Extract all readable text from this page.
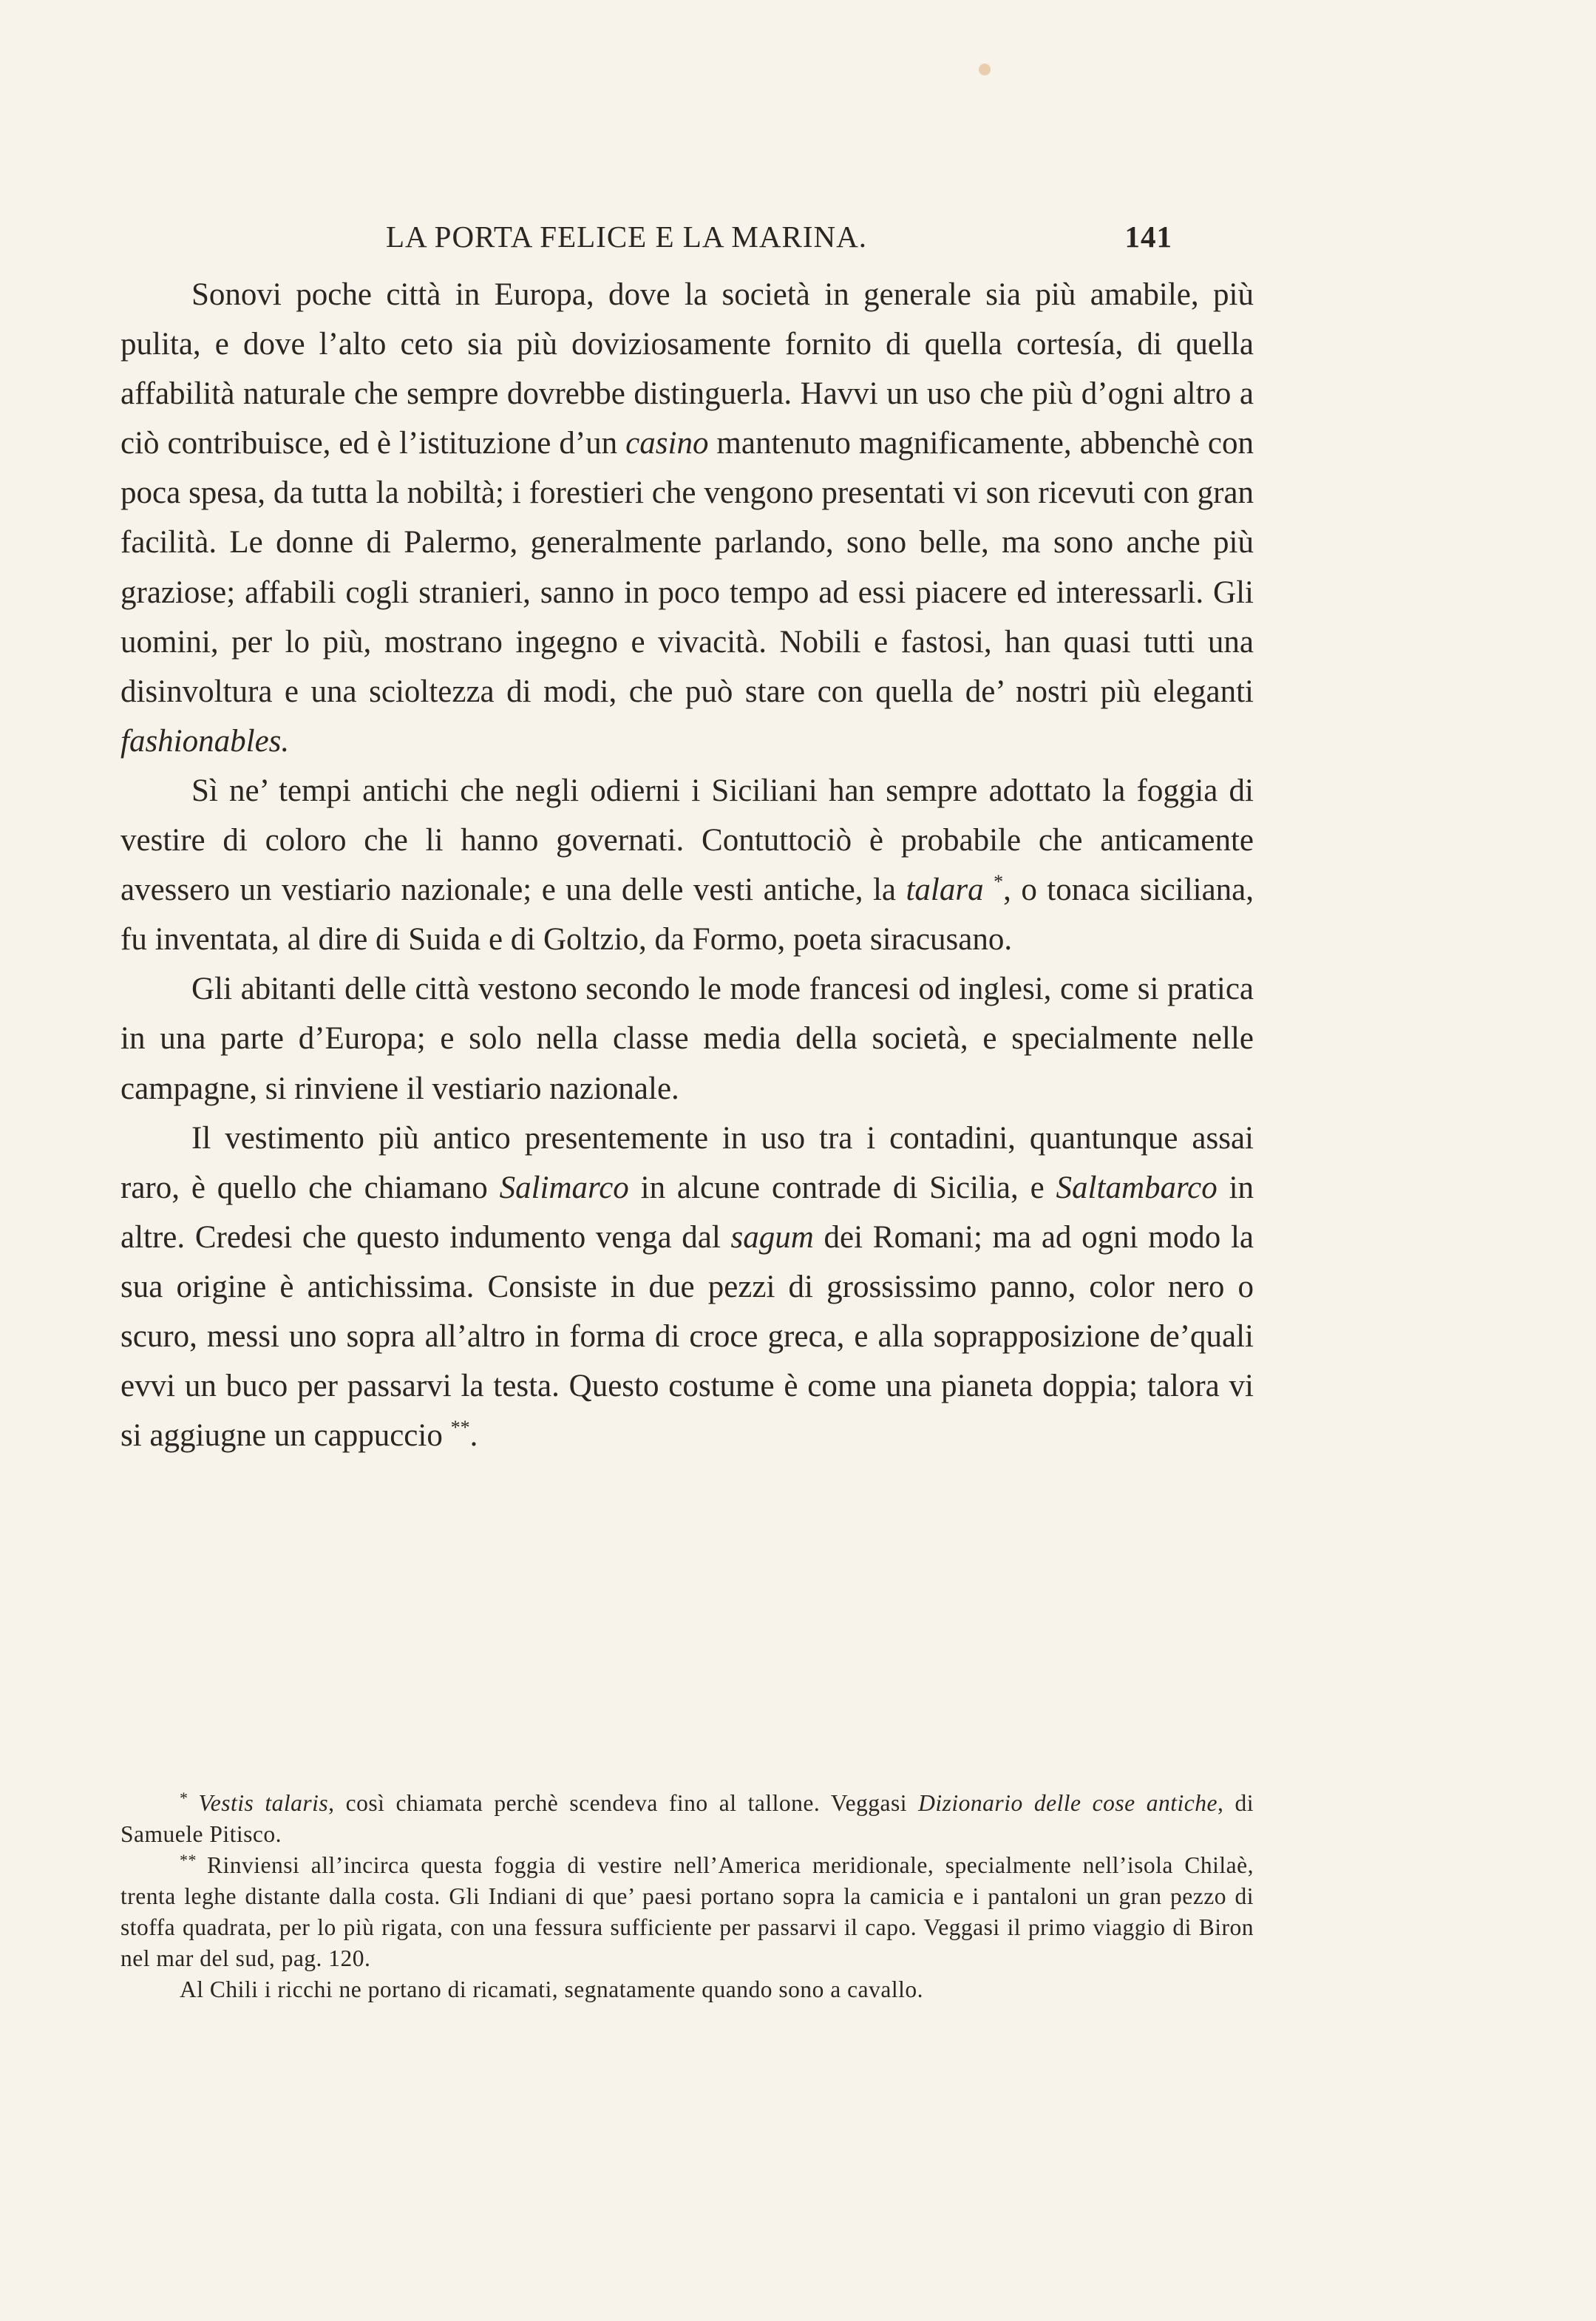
LA PORTA FELICE E LA MARINA.	141

Sonovi poche città in Europa, dove la società in generale sia più amabile, più pulita, e dove l’alto ceto sia più doviziosamente fornito di quella cortesía, di quella affabilità naturale che sempre dovrebbe distinguerla. Havvi un uso che più d’ogni altro a ciò contribuisce, ed è l’istituzione d’un casino mantenuto magnificamente, abbenchè con poca spesa, da tutta la nobiltà; i forestieri che vengono presentati vi son ricevuti con gran facilità. Le donne di Palermo, generalmente parlando, sono belle, ma sono anche più graziose; affabili cogli stranieri, sanno in poco tempo ad essi piacere ed interessarli. Gli uomini, per lo più, mostrano ingegno e vivacità. Nobili e fastosi, han quasi tutti una disinvoltura e una scioltezza di modi, che può stare con quella de’ nostri più eleganti fashionables.

Sì ne’ tempi antichi che negli odierni i Siciliani han sempre adottato la foggia di vestire di coloro che li hanno governati. Contuttociò è probabile che anticamente avessero un vestiario nazionale; e una delle vesti antiche, la talara *, o tonaca siciliana, fu inventata, al dire di Suida e di Goltzio, da Formo, poeta siracusano.

Gli abitanti delle città vestono secondo le mode francesi od inglesi, come si pratica in una parte d’Europa; e solo nella classe media della società, e specialmente nelle campagne, si rinviene il vestiario nazionale.

Il vestimento più antico presentemente in uso tra i contadini, quantunque assai raro, è quello che chiamano Salimarco in alcune contrade di Sicilia, e Saltambarco in altre. Credesi che questo indumento venga dal sagum dei Romani; ma ad ogni modo la sua origine è antichissima. Consiste in due pezzi di grossissimo panno, color nero o scuro, messi uno sopra all’altro in forma di croce greca, e alla soprapposizione de’quali evvi un buco per passarvi la testa. Questo costume è come una pianeta doppia; talora vi si aggiugne un cappuccio **.

* Vestis talaris, così chiamata perchè scendeva fino al tallone. Veggasi Dizionario delle cose antiche, di Samuele Pitisco.

** Rinviensi all’incirca questa foggia di vestire nell’America meridionale, specialmente nell’isola Chilaè, trenta leghe distante dalla costa. Gli Indiani di que’ paesi portano sopra la camicia e i pantaloni un gran pezzo di stoffa quadrata, per lo più rigata, con una fessura sufficiente per passarvi il capo. Veggasi il primo viaggio di Biron nel mar del sud, pag. 120.

Al Chili i ricchi ne portano di ricamati, segnatamente quando sono a cavallo.
